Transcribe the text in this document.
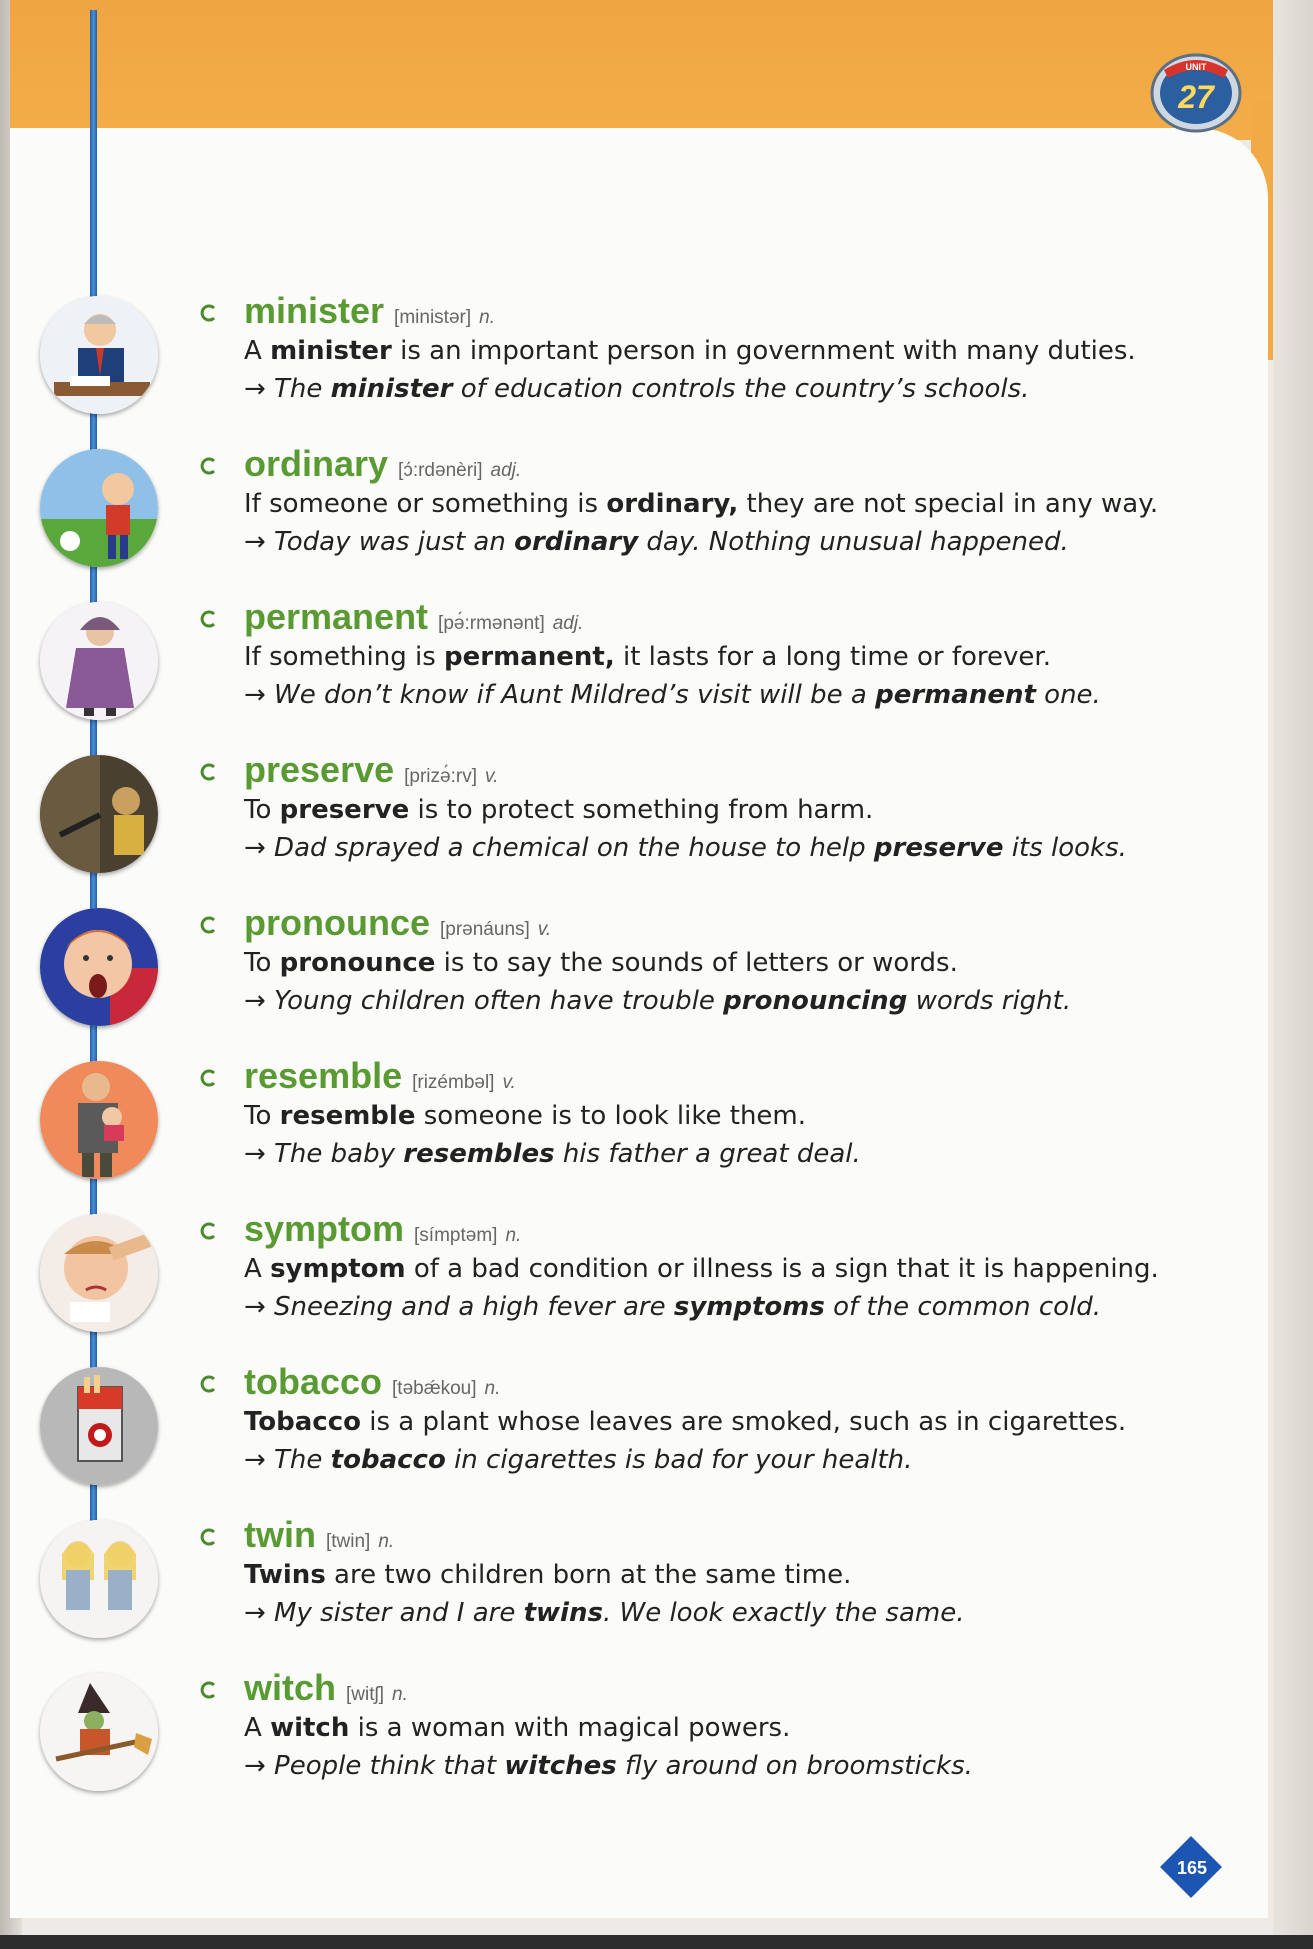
UNIT
27
165
minister [ministər] n.
A minister is an important person in government with many duties.
→ The minister of education controls the country’s schools.
ordinary [ɔ́:rdənèri] adj.
If someone or something is ordinary, they are not special in any way.
→ Today was just an ordinary day. Nothing unusual happened.
permanent [pə́:rmənənt] adj.
If something is permanent, it lasts for a long time or forever.
→ We don’t know if Aunt Mildred’s visit will be a permanent one.
preserve [prizə́:rv] v.
To preserve is to protect something from harm.
→ Dad sprayed a chemical on the house to help preserve its looks.
pronounce [prənáuns] v.
To pronounce is to say the sounds of letters or words.
→ Young children often have trouble pronouncing words right.
resemble [rizémbəl] v.
To resemble someone is to look like them.
→ The baby resembles his father a great deal.
symptom [símptəm] n.
A symptom of a bad condition or illness is a sign that it is happening.
→ Sneezing and a high fever are symptoms of the common cold.
tobacco [təbǽkou] n.
Tobacco is a plant whose leaves are smoked, such as in cigarettes.
→ The tobacco in cigarettes is bad for your health.
twin [twin] n.
Twins are two children born at the same time.
→ My sister and I are twins. We look exactly the same.
witch [witʃ] n.
A witch is a woman with magical powers.
→ People think that witches fly around on broomsticks.
